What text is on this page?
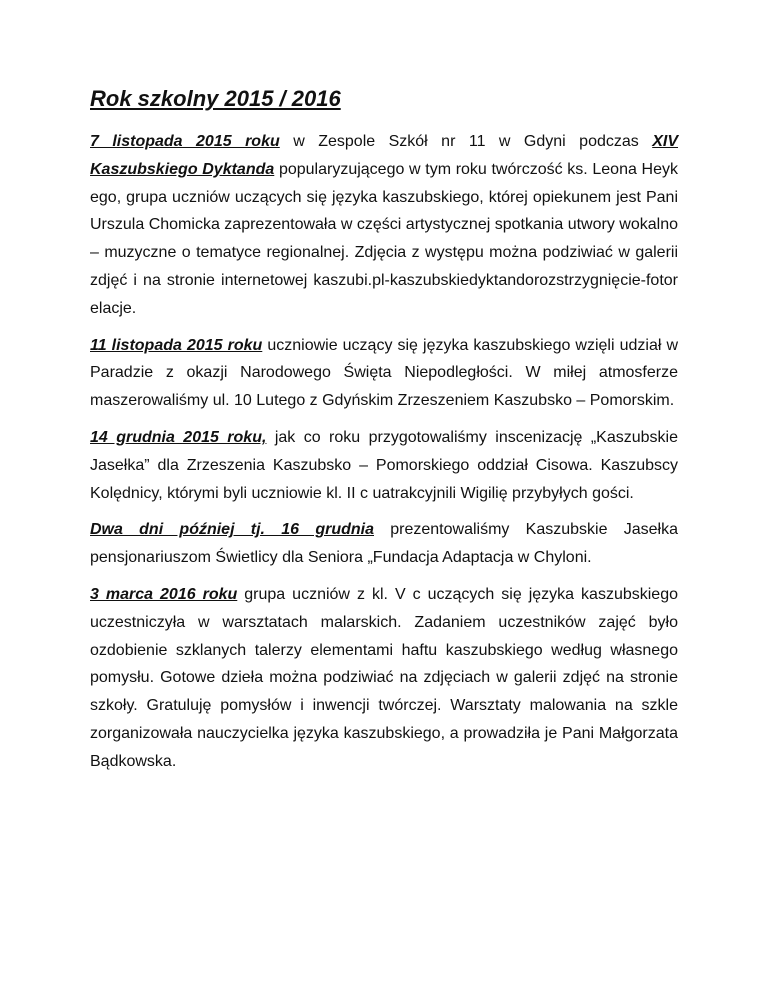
Rok szkolny 2015 / 2016

7 listopada 2015 roku w Zespole Szkół nr 11 w Gdyni podczas XIV Kaszubskiego Dyktanda popularyzującego w tym roku twórczość ks. Leona Heykego, grupa uczniów uczących się języka kaszubskiego, której opiekunem jest Pani Urszula Chomicka zaprezentowała w części artystycznej spotkania utwory wokalno – muzyczne o tematyce regionalnej. Zdjęcia z występu można podziwiać w galerii zdjęć i na stronie internetowej kaszubi.pl-kaszubskiedyktandorozstrzygnięcie-fotorelacje.

11 listopada 2015 roku uczniowie uczący się języka kaszubskiego wzięli udział w Paradzie z okazji Narodowego Święta Niepodległości. W miłej atmosferze maszerowaliśmy ul. 10 Lutego z Gdyńskim Zrzeszeniem Kaszubsko – Pomorskim.

14 grudnia 2015 roku, jak co roku przygotowaliśmy inscenizację „Kaszubskie Jasełka” dla Zrzeszenia Kaszubsko – Pomorskiego oddział Cisowa. Kaszubscy Kolędnicy, którymi byli uczniowie kl. II c uatrakcyjnili Wigilię przybyłych gości.

Dwa dni później tj. 16 grudnia prezentowaliśmy Kaszubskie Jasełka pensjonariuszom Świetlicy dla Seniora „Fundacja Adaptacja w Chyloni.

3 marca 2016 roku grupa uczniów z kl. V c uczących się języka kaszubskiego uczestniczyła w warsztatach malarskich. Zadaniem uczestników zajęć było ozdobienie szklanych talerzy elementami haftu kaszubskiego według własnego pomysłu. Gotowe dzieła można podziwiać na zdjęciach w galerii zdjęć na stronie szkoły. Gratuluję pomysłów i inwencji twórczej. Warsztaty malowania na szkle zorganizowała nauczycielka języka kaszubskiego, a prowadziła je Pani Małgorzata Bądkowska.
